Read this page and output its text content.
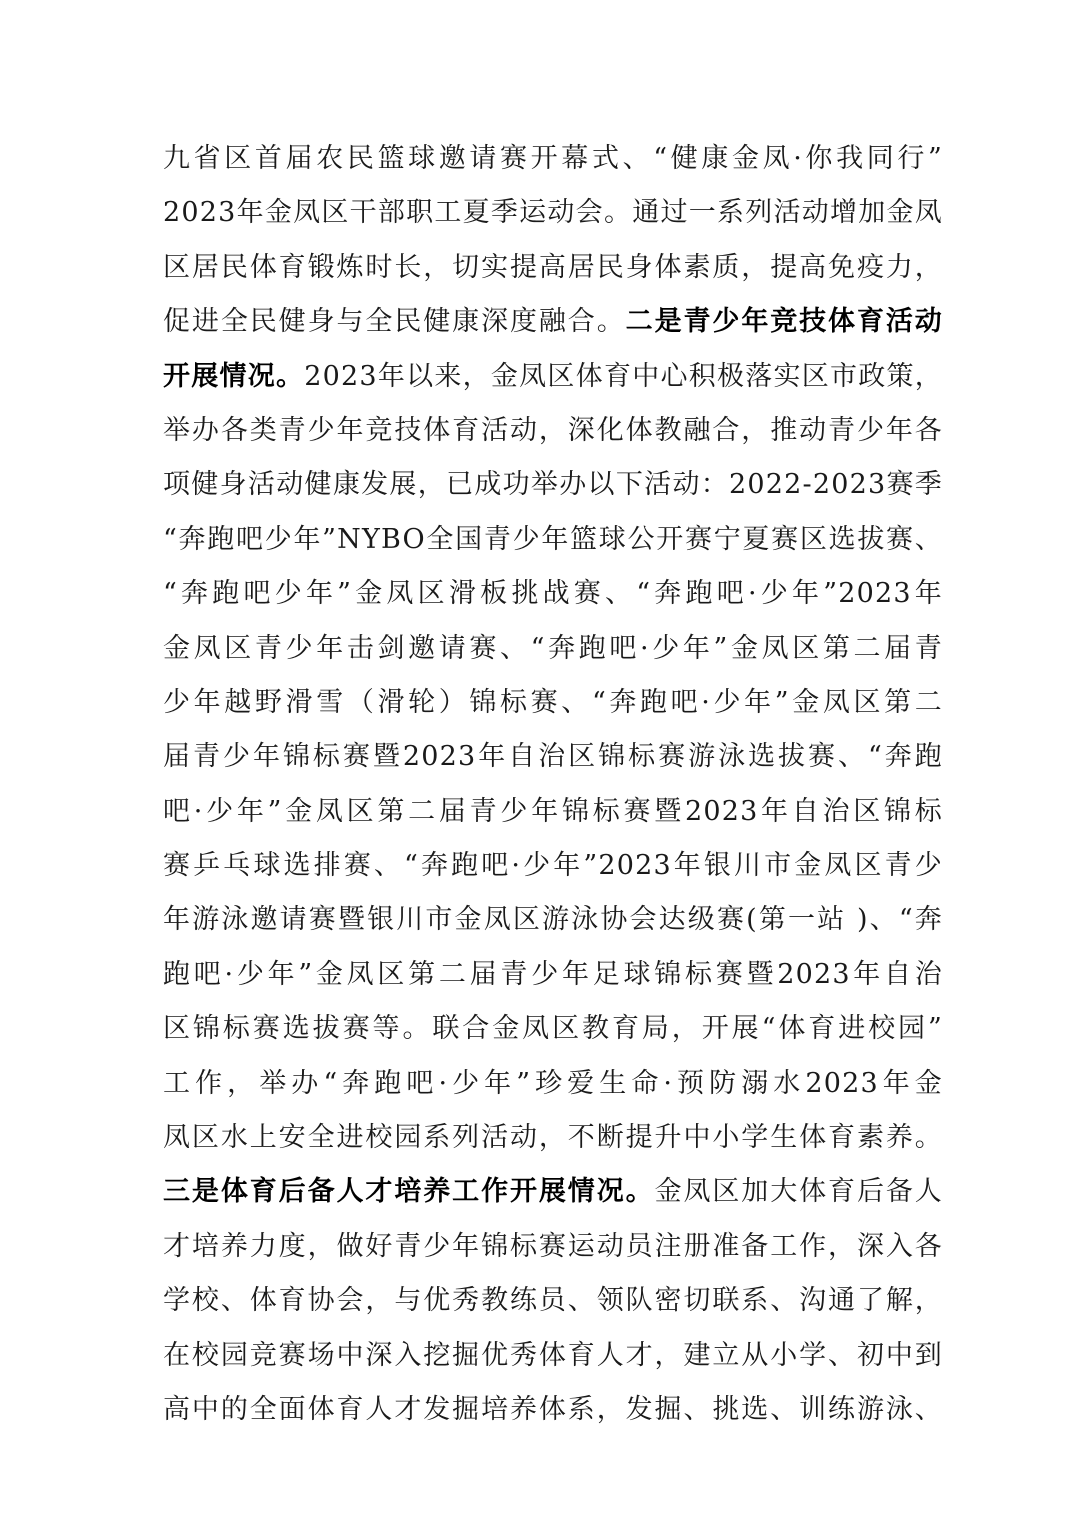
九省区首届农民篮球邀请赛开幕式、“健康金凤·你我同行”
2023年金凤区干部职工夏季运动会。通过一系列活动增加金凤
区居民体育锻炼时长，切实提高居民身体素质，提高免疫力，
促进全民健身与全民健康深度融合。二是青少年竞技体育活动
开展情况。2023年以来，金凤区体育中心积极落实区市政策，
举办各类青少年竞技体育活动，深化体教融合，推动青少年各
项健身活动健康发展，已成功举办以下活动：2022-2023赛季
“奔跑吧少年”NYBO全国青少年篮球公开赛宁夏赛区选拔赛、
“奔跑吧少年”金凤区滑板挑战赛、“奔跑吧·少年”2023年
金凤区青少年击剑邀请赛、“奔跑吧·少年”金凤区第二届青
少年越野滑雪（滑轮）锦标赛、“奔跑吧·少年”金凤区第二
届青少年锦标赛暨2023年自治区锦标赛游泳选拔赛、“奔跑
吧·少年”金凤区第二届青少年锦标赛暨2023年自治区锦标
赛乒乓球选排赛、“奔跑吧·少年”2023年银川市金凤区青少
年游泳邀请赛暨银川市金凤区游泳协会达级赛(第一站 )、“奔
跑吧·少年”金凤区第二届青少年足球锦标赛暨2023年自治
区锦标赛选拔赛等。联合金凤区教育局，开展“体育进校园”
工作，举办“奔跑吧·少年”珍爱生命·预防溺水2023年金
凤区水上安全进校园系列活动，不断提升中小学生体育素养。
三是体育后备人才培养工作开展情况。金凤区加大体育后备人
才培养力度，做好青少年锦标赛运动员注册准备工作，深入各
学校、体育协会，与优秀教练员、领队密切联系、沟通了解，
在校园竞赛场中深入挖掘优秀体育人才，建立从小学、初中到
高中的全面体育人才发掘培养体系，发掘、挑选、训练游泳、
